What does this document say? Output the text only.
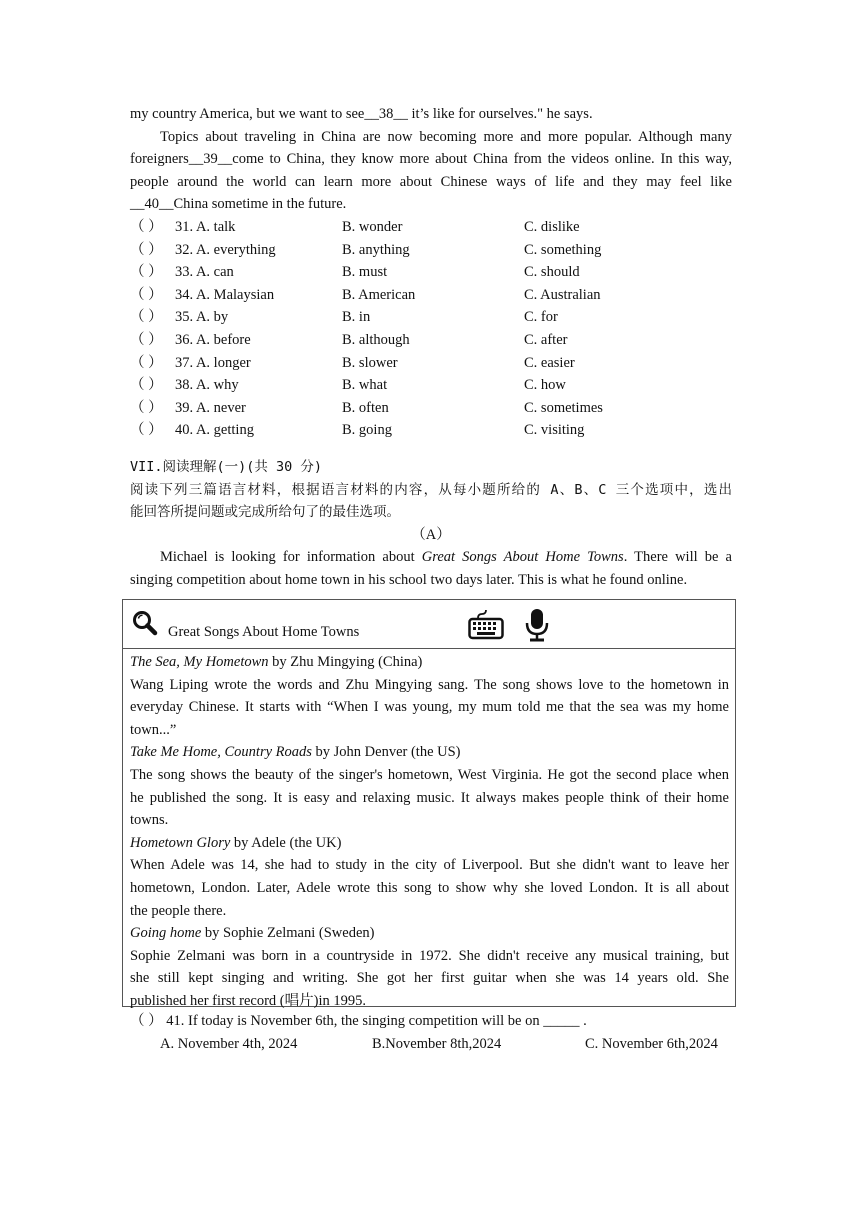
my country America, but we want to see__38__ it’s like for ourselves." he says.
Topics about traveling in China are now becoming more and more popular. Although many
foreigners__39__come to China, they know more about China from the videos online. In this way,
people around the world can learn more about Chinese ways of life and they may feel like
__40__China sometime in the future.
（ ） 31. A. talk	B. wonder	C. dislike
（ ） 32. A. everything	B. anything	C. something
（ ） 33. A. can	B. must	C. should
（ ） 34. A. Malaysian	B. American	C. Australian
（ ） 35. A. by	B. in	C. for
（ ） 36. A. before	B. although	C. after
（ ） 37. A. longer	B. slower	C. easier
（ ） 38. A. why	B. what	C. how
（ ） 39. A. never	B. often	C. sometimes
（ ） 40. A. getting	B. going	C. visiting
VII.阅读理解(一)(共 30 分)
阅读下列三篇语言材料，根据语言材料的内容，从每小题所给的 A、B、C 三个选项中，选出
能回答所提问题或完成所给句了的最佳选项。
（A）
Michael is looking for information about Great Songs About Home Towns. There will be a
singing competition about home town in his school two days later. This is what he found online.
Great Songs About Home Towns
The Sea, My Hometown by Zhu Mingying (China)
Wang Liping wrote the words and Zhu Mingying sang. The song shows love to the hometown in
everyday Chinese. It starts with “When I was young, my mum told me that the sea was my home
town...”
Take Me Home, Country Roads by John Denver (the US)
The song shows the beauty of the singer's hometown, West Virginia. He got the second place when
he published the song. It is easy and relaxing music. It always makes people think of their home
towns.
Hometown Glory by Adele (the UK)
When Adele was 14, she had to study in the city of Liverpool. But she didn't want to leave her
hometown, London. Later, Adele wrote this song to show why she loved London. It is all about
the people there.
Going home by Sophie Zelmani (Sweden)
Sophie Zelmani was born in a countryside in 1972. She didn't receive any musical training, but
she still kept singing and writing. She got her first guitar when she was 14 years old. She
published her first record (唱片)in 1995.
（ ） 41. If today is November 6th, the singing competition will be on _____ .
A. November 4th, 2024	B.November 8th,2024	C. November 6th,2024
